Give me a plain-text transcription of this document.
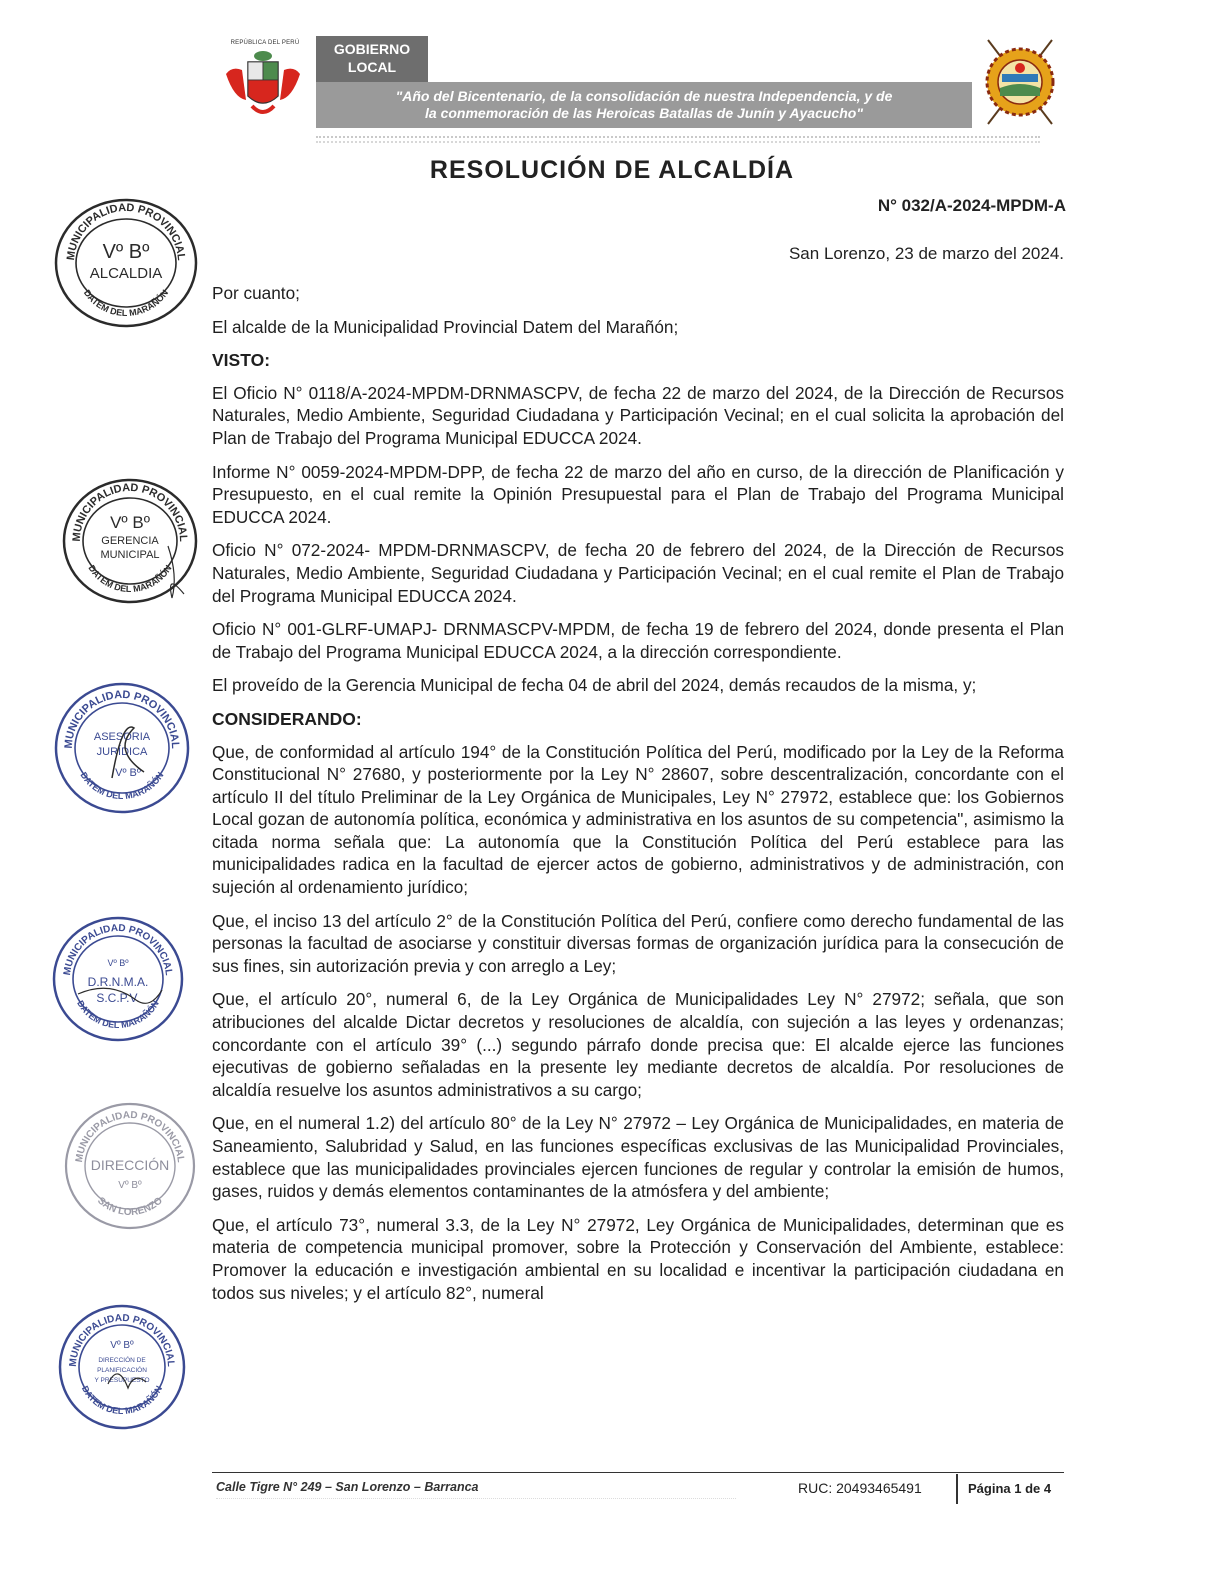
REPÚBLICA DEL PERÚ	GOBIERNO
LOCAL
"Año del Bicentenario, de la consolidación de nuestra Independencia, y de
la conmemoración de las Heroicas Batallas de Junín y Ayacucho"
RESOLUCIÓN DE ALCALDÍA
N° 032/A-2024-MPDM-A
San Lorenzo, 23 de marzo del 2024.
MUNICIPALIDAD PROVINCIAL
DATEM DEL MARAÑÓN
Vº Bº
ALCALDIA
MUNICIPALIDAD PROVINCIAL
DATEM DEL MARAÑÓN
Vº Bº
GERENCIA
MUNICIPAL
MUNICIPALIDAD PROVINCIAL
DATEM DEL MARAÑÓN
ASESORIA
JURÍDICA
Vº Bº
MUNICIPALIDAD PROVINCIAL
DATEM DEL MARAÑÓN
Vº Bº
D.R.N.M.A.
S.C.P.V.
MUNICIPALIDAD PROVINCIAL
SAN LORENZO
DIRECCIÓN
Vº Bº
MUNICIPALIDAD PROVINCIAL
DATEM DEL MARAÑÓN
Vº Bº
DIRECCIÓN DE
PLANIFICACIÓN
Y PRESUPUESTO
Por cuanto;
El alcalde de la Municipalidad Provincial Datem del Marañón;
VISTO:

El Oficio N° 0118/A-2024-MPDM-DRNMASCPV, de fecha 22 de marzo del 2024, de la Dirección de Recursos Naturales, Medio Ambiente, Seguridad Ciudadana y Participación Vecinal; en el cual solicita la aprobación del Plan de Trabajo del Programa Municipal EDUCCA 2024.

Informe N° 0059-2024-MPDM-DPP, de fecha 22 de marzo del año en curso, de la dirección de Planificación y Presupuesto, en el cual remite la Opinión Presupuestal para el Plan de Trabajo del Programa Municipal EDUCCA 2024.

Oficio N° 072-2024- MPDM-DRNMASCPV, de fecha 20 de febrero del 2024, de la Dirección de Recursos Naturales, Medio Ambiente, Seguridad Ciudadana y Participación Vecinal; en el cual remite el Plan de Trabajo del Programa Municipal EDUCCA 2024.

Oficio N° 001-GLRF-UMAPJ- DRNMASCPV-MPDM, de fecha 19 de febrero del 2024, donde presenta el Plan de Trabajo del Programa Municipal EDUCCA 2024, a la dirección correspondiente.

El proveído de la Gerencia Municipal de fecha 04 de abril del 2024, demás recaudos de la misma, y;

CONSIDERANDO:

Que, de conformidad al artículo 194° de la Constitución Política del Perú, modificado por la Ley de la Reforma Constitucional N° 27680, y posteriormente por la Ley N° 28607, sobre descentralización, concordante con el artículo II del título Preliminar de la Ley Orgánica de Municipales, Ley N° 27972, establece que: los Gobiernos Local gozan de autonomía política, económica y administrativa en los asuntos de su competencia", asimismo la citada norma señala que: La autonomía que la Constitución Política del Perú establece para las municipalidades radica en la facultad de ejercer actos de gobierno, administrativos y de administración, con sujeción al ordenamiento jurídico;

Que, el inciso 13 del artículo 2° de la Constitución Política del Perú, confiere como derecho fundamental de las personas la facultad de asociarse y constituir diversas formas de organización jurídica para la consecución de sus fines, sin autorización previa y con arreglo a Ley;

Que, el artículo 20°, numeral 6, de la Ley Orgánica de Municipalidades Ley N° 27972; señala, que son atribuciones del alcalde Dictar decretos y resoluciones de alcaldía, con sujeción a las leyes y ordenanzas; concordante con el artículo 39° (...) segundo párrafo donde precisa que: El alcalde ejerce las funciones ejecutivas de gobierno señaladas en la presente ley mediante decretos de alcaldía. Por resoluciones de alcaldía resuelve los asuntos administrativos a su cargo;

Que, en el numeral 1.2) del artículo 80° de la Ley N° 27972 – Ley Orgánica de Municipalidades, en materia de Saneamiento, Salubridad y Salud, en las funciones específicas exclusivas de las Municipalidad Provinciales, establece que las municipalidades provinciales ejercen funciones de regular y controlar la emisión de humos, gases, ruidos y demás elementos contaminantes de la atmósfera y del ambiente;

Que, el artículo 73°, numeral 3.3, de la Ley N° 27972, Ley Orgánica de Municipalidades, determinan que es materia de competencia municipal promover, sobre la Protección y Conservación del Ambiente, establece: Promover la educación e investigación ambiental en su localidad e incentivar la participación ciudadana en todos sus niveles; y el artículo 82°, numeral

Calle Tigre N° 249 – San Lorenzo – Barranca	RUC: 20493465491	Página 1 de 4
